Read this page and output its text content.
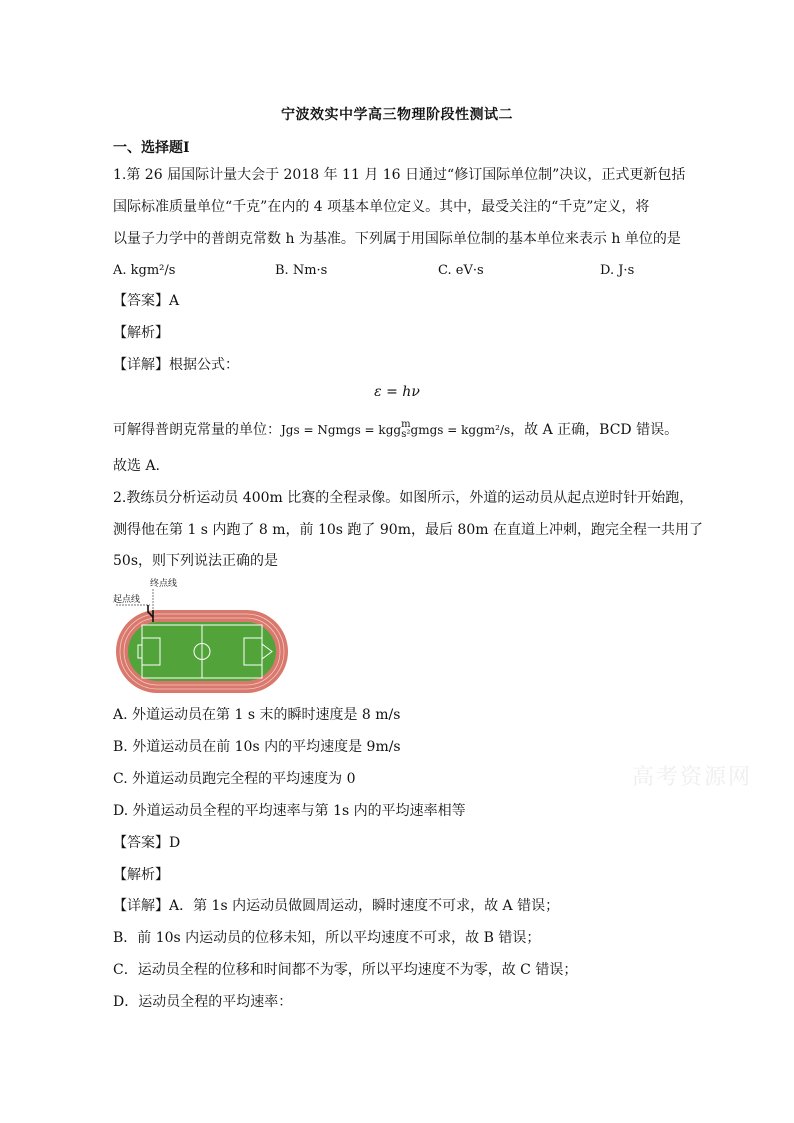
宁波效实中学高三物理阶段性测试二
一、选择题Ⅰ
1.第 26 届国际计量大会于 2018 年 11 月 16 日通过“修订国际单位制”决议，正式更新包括
国际标准质量单位“千克”在内的 4 项基本单位定义。其中，最受关注的“千克”定义，将
以量子力学中的普朗克常数 h 为基准。下列属于用国际单位制的基本单位来表示 h 单位的是
A. kgm²/s	B. Nm·s	C. eV·s	D. J·s
【答案】A
【解析】
【详解】根据公式：
ε = hν
可解得普朗克常量的单位：Jgs = Ngmgs = kgg m
s² gmgs = kggm²/s，故 A 正确，BCD 错误。
故选 A.
2.教练员分析运动员 400m 比赛的全程录像。如图所示，外道的运动员从起点逆时针开始跑，
测得他在第 1 s 内跑了 8 m，前 10s 跑了 90m，最后 80m 在直道上冲刺，跑完全程一共用了
50s，则下列说法正确的是
终点线
起点线
A. 外道运动员在第 1 s 末的瞬时速度是 8 m/s
B. 外道运动员在前 10s 内的平均速度是 9m/s
C. 外道运动员跑完全程的平均速度为 0
D. 外道运动员全程的平均速率与第 1s 内的平均速率相等
【答案】D
【解析】
【详解】A．第 1s 内运动员做圆周运动，瞬时速度不可求，故 A 错误；
B．前 10s 内运动员的位移未知，所以平均速度不可求，故 B 错误；
C．运动员全程的位移和时间都不为零，所以平均速度不为零，故 C 错误；
D．运动员全程的平均速率：
高考资源网
